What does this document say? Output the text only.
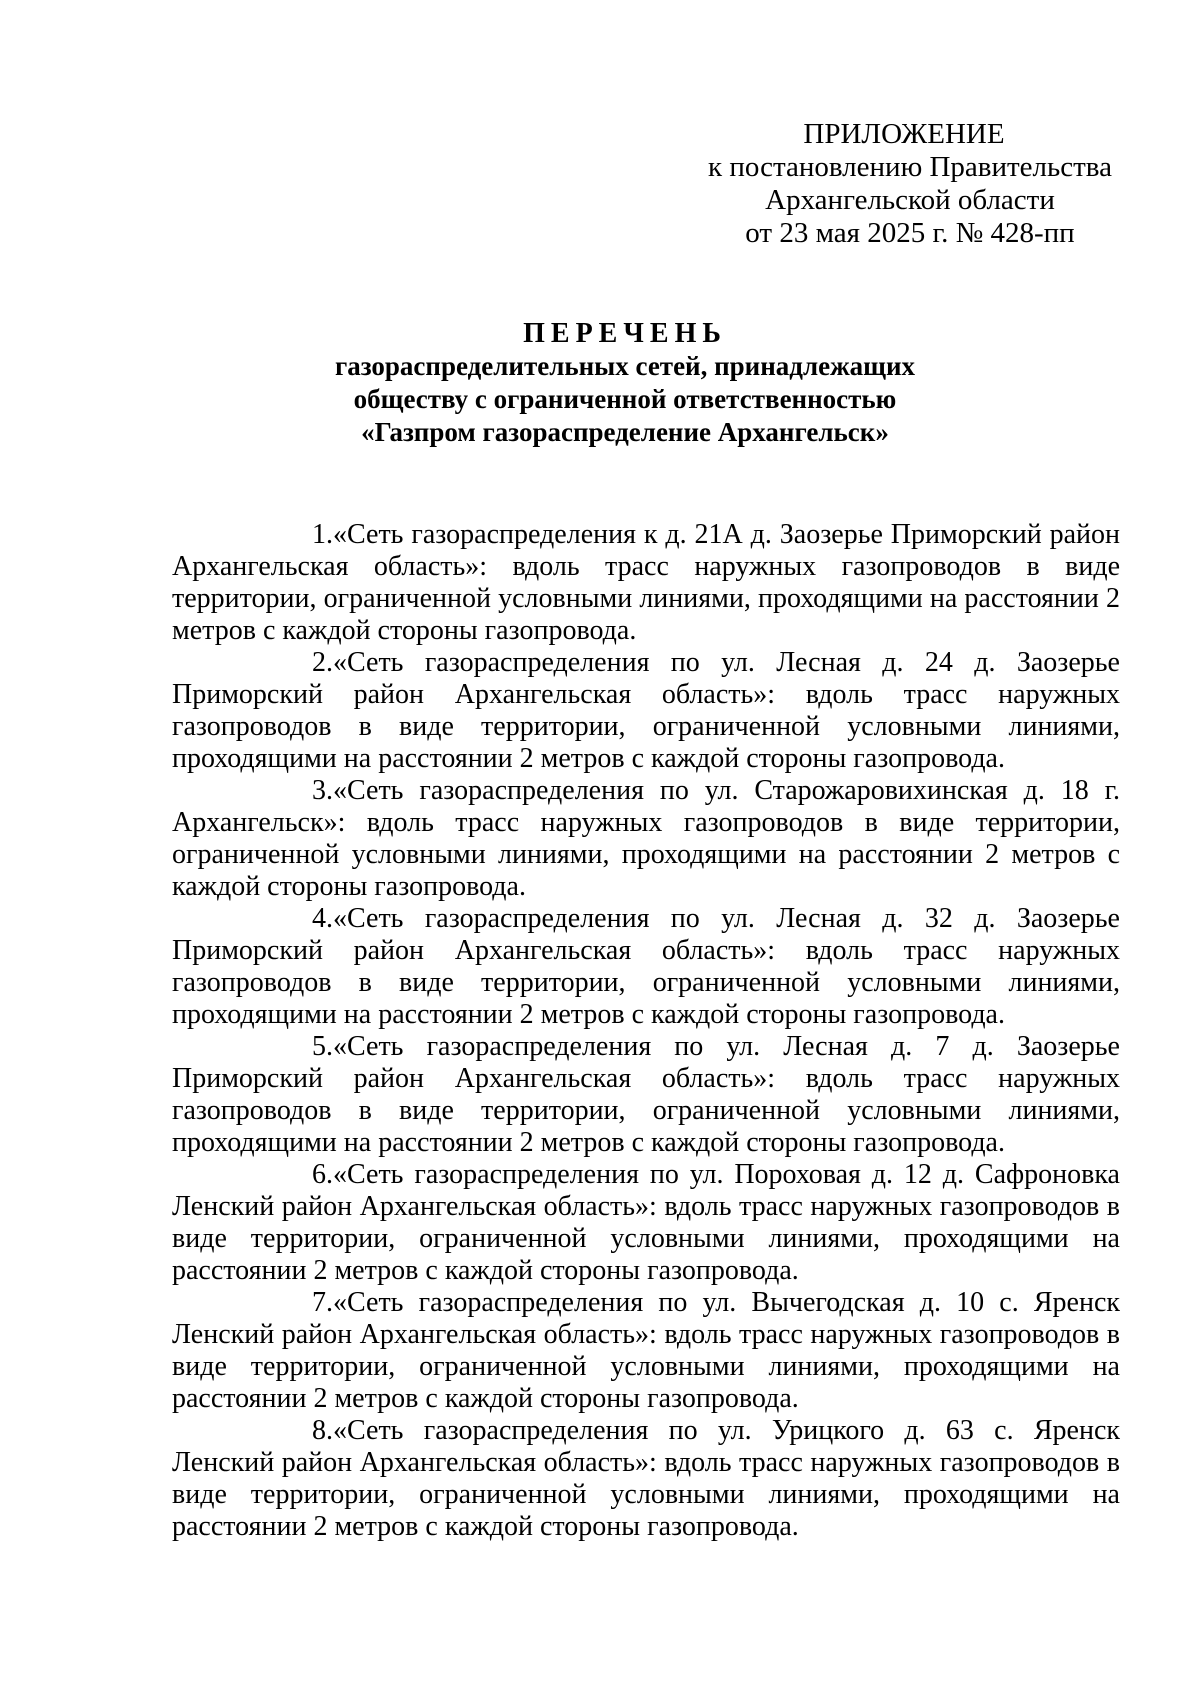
ПРИЛОЖЕНИЕ
к постановлению Правительства
Архангельской области
от 23 мая 2025 г. № 428-пп
ПЕРЕЧЕНЬ
газораспределительных сетей, принадлежащих
обществу с ограниченной ответственностью
«Газпром газораспределение Архангельск»

1.«Сеть газораспределения к д. 21А д. Заозерье Приморский район Архангельская область»: вдоль трасс наружных газопроводов в виде территории, ограниченной условными линиями, проходящими на расстоянии 2 метров с каждой стороны газопровода.

2.«Сеть газораспределения по ул. Лесная д. 24 д. Заозерье Приморский район Архангельская область»: вдоль трасс наружных газопроводов в виде территории, ограниченной условными линиями, проходящими на расстоянии 2 метров с каждой стороны газопровода.

3.«Сеть газораспределения по ул. Старожаровихинская д. 18 г. Архангельск»: вдоль трасс наружных газопроводов в виде территории, ограниченной условными линиями, проходящими на расстоянии 2 метров с каждой стороны газопровода.

4.«Сеть газораспределения по ул. Лесная д. 32 д. Заозерье Приморский район Архангельская область»: вдоль трасс наружных газопроводов в виде территории, ограниченной условными линиями, проходящими на расстоянии 2 метров с каждой стороны газопровода.

5.«Сеть газораспределения по ул. Лесная д. 7 д. Заозерье Приморский район Архангельская область»: вдоль трасс наружных газопроводов в виде территории, ограниченной условными линиями, проходящими на расстоянии 2 метров с каждой стороны газопровода.

6.«Сеть газораспределения по ул. Пороховая д. 12 д. Сафроновка Ленский район Архангельская область»: вдоль трасс наружных газопроводов в виде территории, ограниченной условными линиями, проходящими на расстоянии 2 метров с каждой стороны газопровода.

7.«Сеть газораспределения по ул. Вычегодская д. 10 с. Яренск Ленский район Архангельская область»: вдоль трасс наружных газопроводов в виде территории, ограниченной условными линиями, проходящими на расстоянии 2 метров с каждой стороны газопровода.

8.«Сеть газораспределения по ул. Урицкого д. 63 с. Яренск Ленский район Архангельская область»: вдоль трасс наружных газопроводов в виде территории, ограниченной условными линиями, проходящими на расстоянии 2 метров с каждой стороны газопровода.
